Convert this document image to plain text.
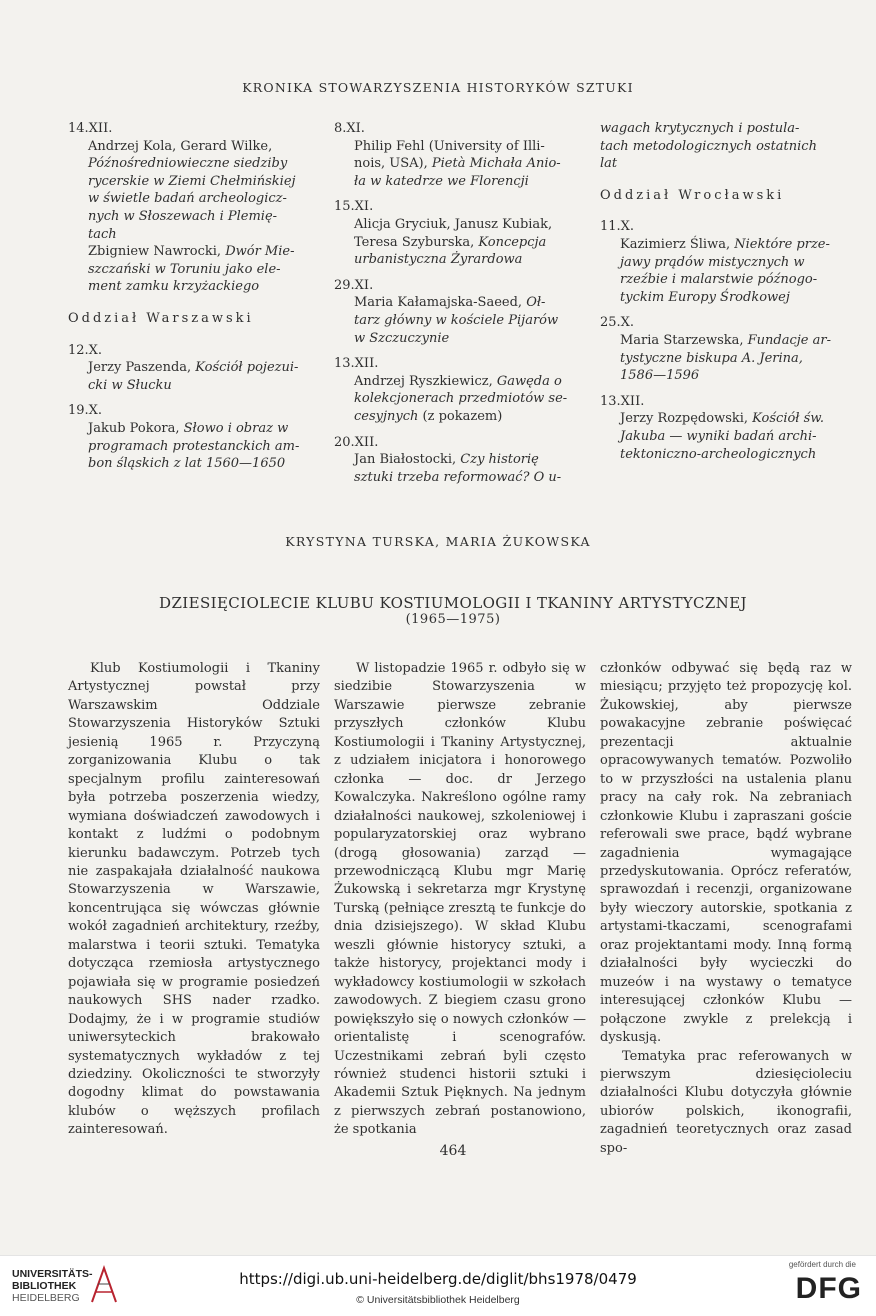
KRONIKA STOWARZYSZENIA HISTORYKÓW SZTUKI
14.XII.
Andrzej Kola, Gerard Wilke,
Późnośredniowieczne siedziby
rycerskie w Ziemi Chełmińskiej
w świetle badań archeologicz-
nych w Słoszewach i Plemię-
tach
Zbigniew Nawrocki, Dwór Mie-
szczański w Toruniu jako ele-
ment zamku krzyżackiego
Oddział Warszawski
12.X.
Jerzy Paszenda, Kościół pojezui-
cki w Słucku
19.X.
Jakub Pokora, Słowo i obraz w
programach protestanckich am-
bon śląskich z lat 1560—1650
8.XI.
Philip Fehl (University of Illi-
nois, USA), Pietà Michała Anio-
ła w katedrze we Florencji
15.XI.
Alicja Gryciuk, Janusz Kubiak,
Teresa Szyburska, Koncepcja
urbanistyczna Żyrardowa
29.XI.
Maria Kałamajska-Saeed, Oł-
tarz główny w kościele Pijarów
w Szczuczynie
13.XII.
Andrzej Ryszkiewicz, Gawęda o
kolekcjonerach przedmiotów se-
cesyjnych (z pokazem)
20.XII.
Jan Białostocki, Czy historię
sztuki trzeba reformować? O u-
wagach krytycznych i postula-
tach metodologicznych ostatnich
lat
Oddział Wrocławski
11.X.
Kazimierz Śliwa, Niektóre prze-
jawy prądów mistycznych w
rzeźbie i malarstwie późnogo-
tyckim Europy Środkowej
25.X.
Maria Starzewska, Fundacje ar-
tystyczne biskupa A. Jerina,
1586—1596
13.XII.
Jerzy Rozpędowski, Kościół św.
Jakuba — wyniki badań archi-
tektoniczno-archeologicznych
KRYSTYNA TURSKA, MARIA ŻUKOWSKA
DZIESIĘCIOLECIE KLUBU KOSTIUMOLOGII I TKANINY ARTYSTYCZNEJ
(1965—1975)

Klub Kostiumologii i Tkaniny Artystycznej powstał przy Warszawskim Oddziale Stowarzyszenia Historyków Sztuki jesienią 1965 r. Przyczyną zorganizowania Klubu o tak specjalnym profilu zainteresowań była potrzeba poszerzenia wiedzy, wymiana doświadczeń zawodowych i kontakt z ludźmi o podobnym kierunku badawczym. Potrzeb tych nie zaspakajała działalność naukowa Stowarzyszenia w Warszawie, koncentrująca się wówczas głównie wokół zagadnień architektury, rzeźby, malarstwa i teorii sztuki. Tematyka dotycząca rzemiosła artystycznego pojawiała się w programie posiedzeń naukowych SHS nader rzadko. Dodajmy, że i w programie studiów uniwersyteckich brakowało systematycznych wykładów z tej dziedziny. Okoliczności te stworzyły dogodny klimat do powstawania klubów o węższych profilach zainteresowań.

W listopadzie 1965 r. odbyło się w siedzibie Stowarzyszenia w Warszawie pierwsze zebranie przyszłych członków Klubu Kostiumologii i Tkaniny Artystycznej, z udziałem inicjatora i honorowego członka — doc. dr Jerzego Kowalczyka. Nakreślono ogólne ramy działalności naukowej, szkoleniowej i popularyzatorskiej oraz wybrano (drogą głosowania) zarząd — przewodniczącą Klubu mgr Marię Żukowską i sekretarza mgr Krystynę Turską (pełniące zresztą te funkcje do dnia dzisiejszego). W skład Klubu weszli głównie historycy sztuki, a także historycy, projektanci mody i wykładowcy kostiumologii w szkołach zawodowych. Z biegiem czasu grono powiększyło się o nowych członków — orientalistę i scenografów. Uczestnikami zebrań byli często również studenci historii sztuki i Akademii Sztuk Pięknych. Na jednym z pierwszych zebrań postanowiono, że spotkania

członków odbywać się będą raz w miesiącu; przyjęto też propozycję kol. Żukowskiej, aby pierwsze powakacyjne zebranie poświęcać prezentacji aktualnie opracowywanych tematów. Pozwoliło to w przyszłości na ustalenia planu pracy na cały rok. Na zebraniach członkowie Klubu i zapraszani goście referowali swe prace, bądź wybrane zagadnienia wymagające przedyskutowania. Oprócz referatów, sprawozdań i recenzji, organizowane były wieczory autorskie, spotkania z artystami-tkaczami, scenografami oraz projektantami mody. Inną formą działalności były wycieczki do muzeów i na wystawy o tematyce interesującej członków Klubu — połączone zwykle z prelekcją i dyskusją.

Tematyka prac referowanych w pierwszym dziesięcioleciu działalności Klubu dotyczyła głównie ubiorów polskich, ikonografii, zagadnień teoretycznych oraz zasad spo-

464
UNIVERSITÄTS-
BIBLIOTHEK
HEIDELBERG
https://digi.ub.uni-heidelberg.de/diglit/bhs1978/0479
© Universitätsbibliothek Heidelberg
gefördert durch die
DFG
